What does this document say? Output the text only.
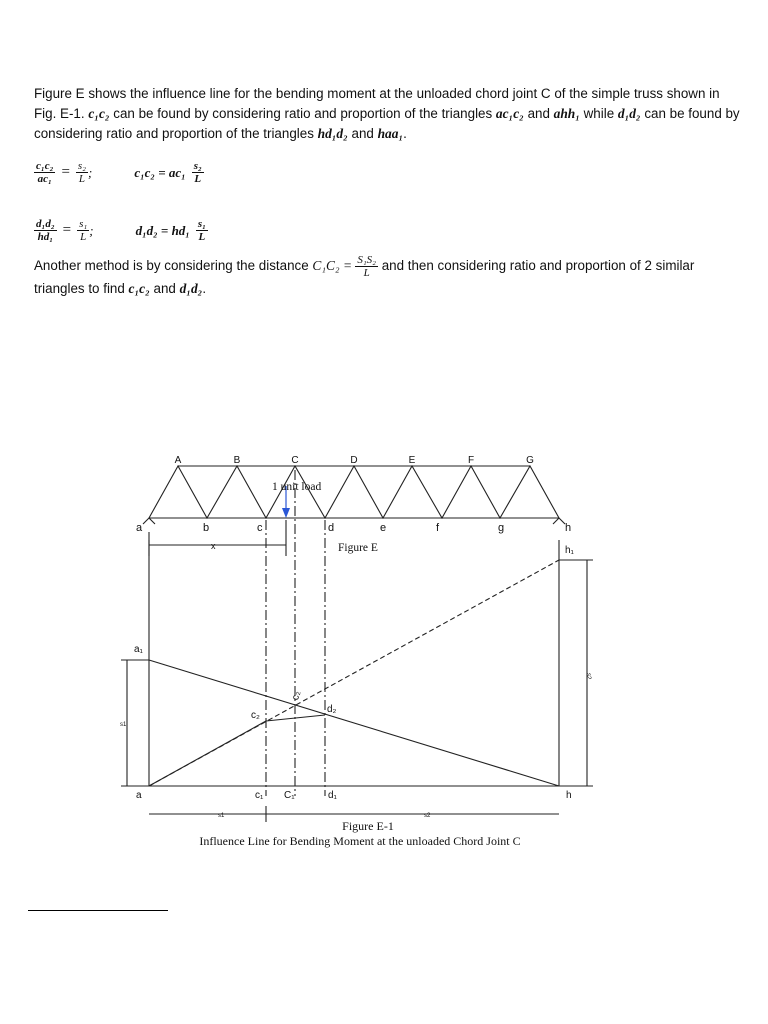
Figure E shows the influence line for the bending moment at the unloaded chord joint C of the simple truss shown in Fig. E-1. c₁c₂ can be found by considering ratio and proportion of the triangles ac₁c₂ and ahh₁ while d₁d₂ can be found by considering ratio and proportion of the triangles hd₁d₂ and haa₁.

$\frac{\text{c₁c₂}}{\text{ac₁}} = \frac{\text{s₂}}{L}$ ;	$c_1c_2 = ac_1 \frac{\text{s₂}}{L}$
$\frac{\text{d₁d₂}}{\text{hd₁}} = \frac{\text{s₁}}{L}$ ;	$d_1d_2 = hd_1 \frac{\text{s₁}}{L}$

Another method is by considering the distance $C_1C_2 = \frac{\text{S₁S₂}}{L}$ and then considering ratio and proportion of 2 similar triangles to find c₁c₂ and d₁d₂.

A	B	C	D	E	F	G
a	b	c	d	e	f	g	h
1 unit load
x	Figure E	h₁
a₁
s1
s2
c₂
c₂
d₂
a	c₁ C₁	d₁	h
s1	s2
Figure E-1
Influence Line for Bending Moment at the unloaded Chord Joint C
